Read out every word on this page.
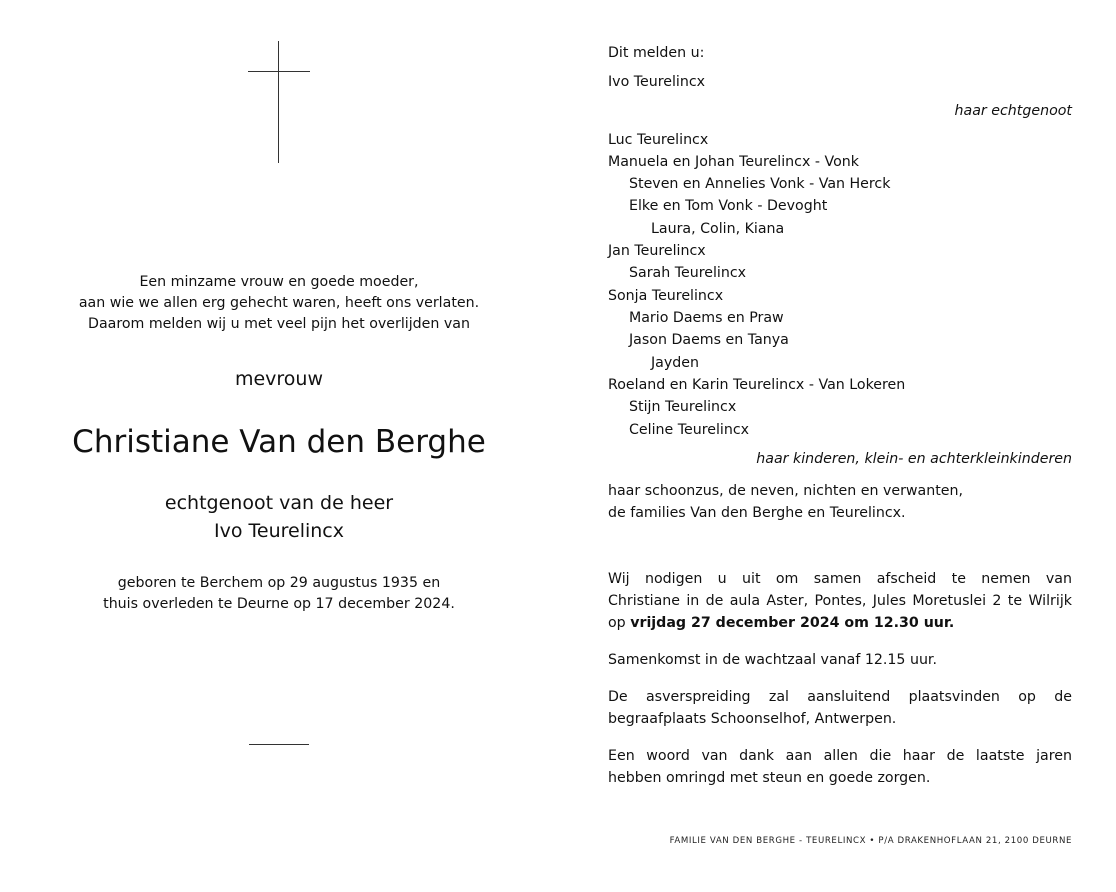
Een minzame vrouw en goede moeder,
aan wie we allen erg gehecht waren, heeft ons verlaten.
Daarom melden wij u met veel pijn het overlijden van
mevrouw
Christiane Van den Berghe
echtgenoot van de heer
Ivo Teurelincx
geboren te Berchem op 29 augustus 1935 en
thuis overleden te Deurne op 17 december 2024.
Dit melden u:
Ivo Teurelincx
haar echtgenoot
Luc Teurelincx
Manuela en Johan Teurelincx - Vonk
Steven en Annelies Vonk - Van Herck
Elke en Tom Vonk - Devoght
Laura, Colin, Kiana
Jan Teurelincx
Sarah Teurelincx
Sonja Teurelincx
Mario Daems en Praw
Jason Daems en Tanya
Jayden
Roeland en Karin Teurelincx - Van Lokeren
Stijn Teurelincx
Celine Teurelincx
haar kinderen, klein- en achterkleinkinderen
haar schoonzus, de neven, nichten en verwanten,
de families Van den Berghe en Teurelincx.
Wij nodigen u uit om samen afscheid te nemen van
Christiane in de aula Aster, Pontes, Jules Moretuslei 2 te Wilrijk
op vrijdag 27 december 2024 om 12.30 uur.
Samenkomst in de wachtzaal vanaf 12.15 uur.
De asverspreiding zal aansluitend plaatsvinden op de
begraafplaats Schoonselhof, Antwerpen.
Een woord van dank aan allen die haar de laatste jaren
hebben omringd met steun en goede zorgen.
FAMILIE VAN DEN BERGHE - TEURELINCX • P/A DRAKENHOFLAAN 21, 2100 DEURNE
